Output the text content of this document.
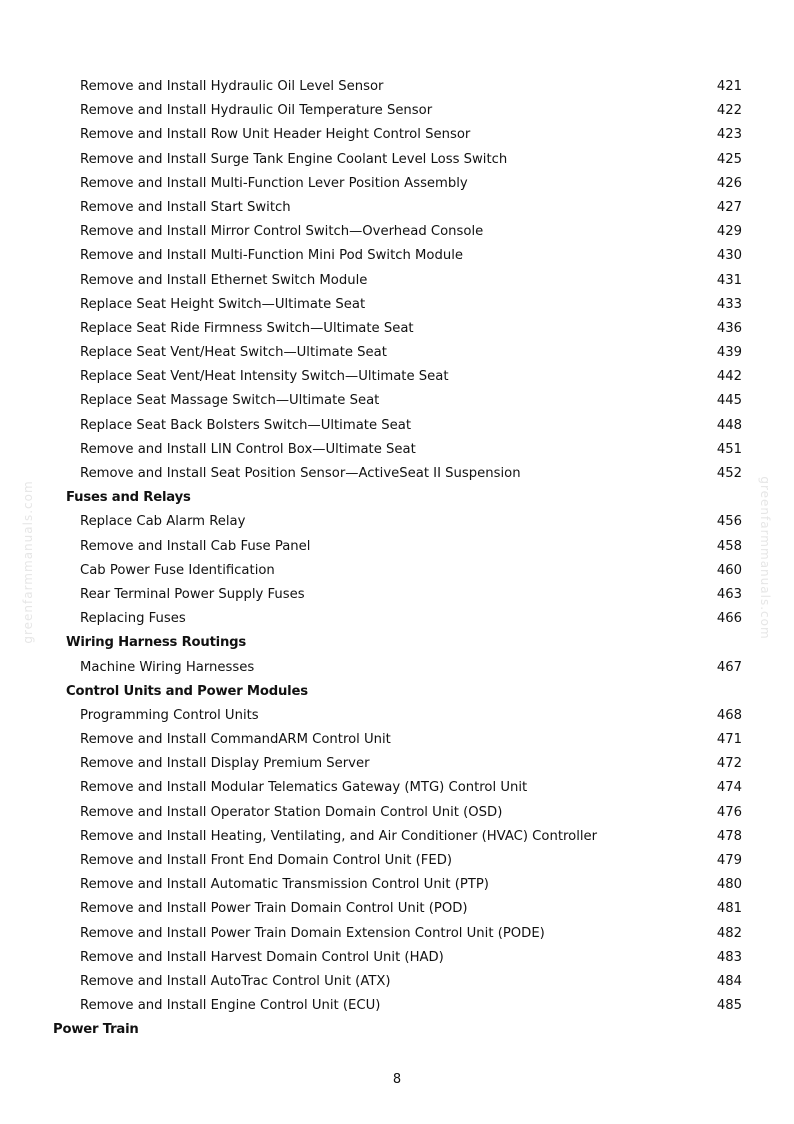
greenfarmmanuals.com	greenfarmmanuals.com
Remove and Install Hydraulic Oil Level Sensor	421
Remove and Install Hydraulic Oil Temperature Sensor	422
Remove and Install Row Unit Header Height Control Sensor	423
Remove and Install Surge Tank Engine Coolant Level Loss Switch	425
Remove and Install Multi-Function Lever Position Assembly	426
Remove and Install Start Switch	427
Remove and Install Mirror Control Switch—Overhead Console	429
Remove and Install Multi-Function Mini Pod Switch Module	430
Remove and Install Ethernet Switch Module	431
Replace Seat Height Switch—Ultimate Seat	433
Replace Seat Ride Firmness Switch—Ultimate Seat	436
Replace Seat Vent/Heat Switch—Ultimate Seat	439
Replace Seat Vent/Heat Intensity Switch—Ultimate Seat	442
Replace Seat Massage Switch—Ultimate Seat	445
Replace Seat Back Bolsters Switch—Ultimate Seat	448
Remove and Install LIN Control Box—Ultimate Seat	451
Remove and Install Seat Position Sensor—ActiveSeat II Suspension	452
Fuses and Relays
Replace Cab Alarm Relay	456
Remove and Install Cab Fuse Panel	458
Cab Power Fuse Identification	460
Rear Terminal Power Supply Fuses	463
Replacing Fuses	466
Wiring Harness Routings
Machine Wiring Harnesses	467
Control Units and Power Modules
Programming Control Units	468
Remove and Install CommandARM Control Unit	471
Remove and Install Display Premium Server	472
Remove and Install Modular Telematics Gateway (MTG) Control Unit	474
Remove and Install Operator Station Domain Control Unit (OSD)	476
Remove and Install Heating, Ventilating, and Air Conditioner (HVAC) Controller	478
Remove and Install Front End Domain Control Unit (FED)	479
Remove and Install Automatic Transmission Control Unit (PTP)	480
Remove and Install Power Train Domain Control Unit (POD)	481
Remove and Install Power Train Domain Extension Control Unit (PODE)	482
Remove and Install Harvest Domain Control Unit (HAD)	483
Remove and Install AutoTrac Control Unit (ATX)	484
Remove and Install Engine Control Unit (ECU)	485
Power Train
8
